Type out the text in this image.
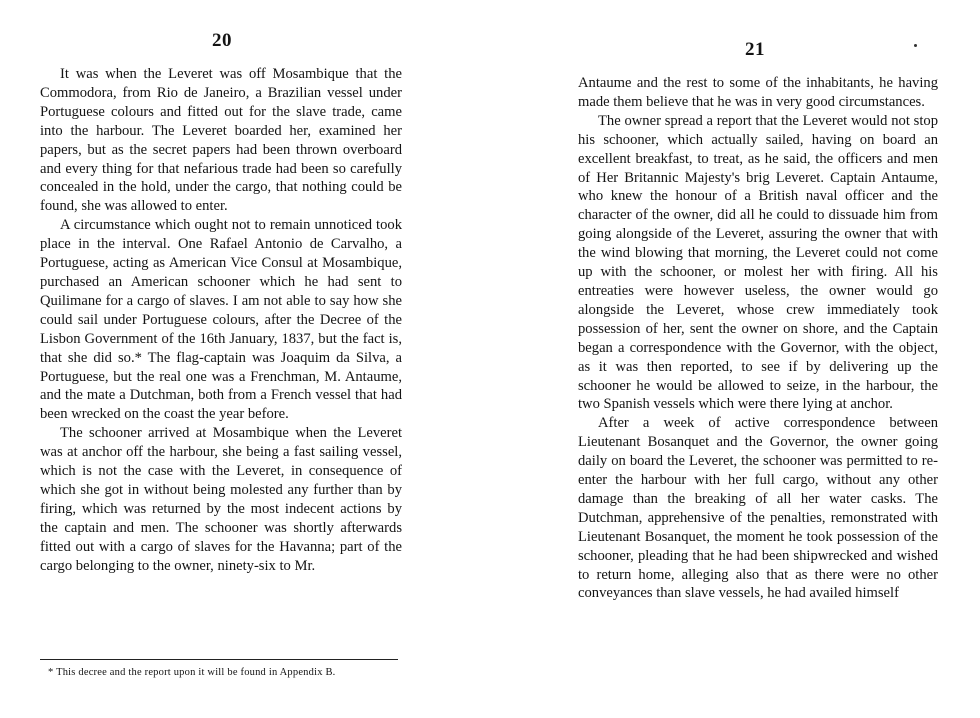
20

It was when the Leveret was off Mosambique that the Commodora, from Rio de Janeiro, a Brazilian vessel under Portuguese colours and fitted out for the slave trade, came into the harbour. The Leveret boarded her, examined her papers, but as the secret papers had been thrown overboard and every thing for that nefarious trade had been so carefully concealed in the hold, under the cargo, that nothing could be found, she was allowed to enter.

A circumstance which ought not to remain unnoticed took place in the interval. One Rafael Antonio de Carvalho, a Portuguese, acting as American Vice Consul at Mosambique, purchased an American schooner which he had sent to Quilimane for a cargo of slaves. I am not able to say how she could sail under Portuguese colours, after the Decree of the Lisbon Government of the 16th January, 1837, but the fact is, that she did so.* The flag-captain was Joaquim da Silva, a Portuguese, but the real one was a Frenchman, M. Antaume, and the mate a Dutchman, both from a French vessel that had been wrecked on the coast the year before.

The schooner arrived at Mosambique when the Leveret was at anchor off the harbour, she being a fast sailing vessel, which is not the case with the Leveret, in consequence of which she got in without being molested any further than by firing, which was returned by the most indecent actions by the captain and men. The schooner was shortly afterwards fitted out with a cargo of slaves for the Havanna; part of the cargo belonging to the owner, ninety-six to Mr.

* This decree and the report upon it will be found in Appendix B.
21

Antaume and the rest to some of the inhabitants, he having made them believe that he was in very good circumstances.

The owner spread a report that the Leveret would not stop his schooner, which actually sailed, having on board an excellent breakfast, to treat, as he said, the officers and men of Her Britannic Majesty's brig Leveret. Captain Antaume, who knew the honour of a British naval officer and the character of the owner, did all he could to dissuade him from going alongside of the Leveret, assuring the owner that with the wind blowing that morning, the Leveret could not come up with the schooner, or molest her with firing. All his entreaties were however useless, the owner would go alongside the Leveret, whose crew immediately took possession of her, sent the owner on shore, and the Captain began a correspondence with the Governor, with the object, as it was then reported, to see if by delivering up the schooner he would be allowed to seize, in the harbour, the two Spanish vessels which were there lying at anchor.

After a week of active correspondence between Lieutenant Bosanquet and the Governor, the owner going daily on board the Leveret, the schooner was permitted to re-enter the harbour with her full cargo, without any other damage than the breaking of all her water casks. The Dutchman, apprehensive of the penalties, remonstrated with Lieutenant Bosanquet, the moment he took possession of the schooner, pleading that he had been shipwrecked and wished to return home, alleging also that as there were no other conveyances than slave vessels, he had availed himself
